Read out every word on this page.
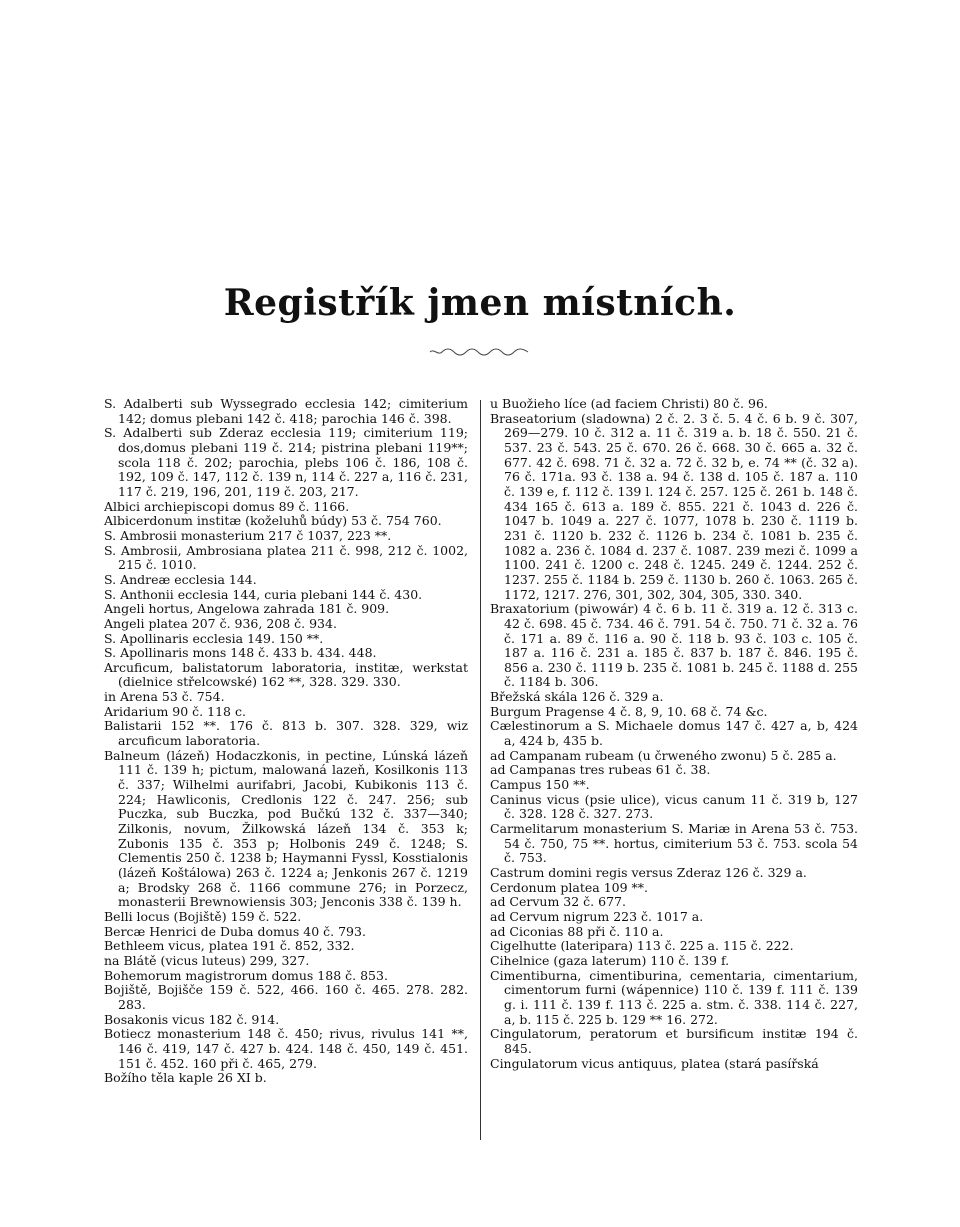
Registřík jmen místních.
S. Adalberti sub Wyssegrado ecclesia 142; cimiterium 142; domus plebani 142 č. 418; parochia 146 č. 398.
S. Adalberti sub Zderaz ecclesia 119; cimiterium 119; dos,domus plebani 119 č. 214; pistrina plebani 119**; scola 118 č. 202; parochia, plebs 106 č. 186, 108 č. 192, 109 č. 147, 112 č. 139 n, 114 č. 227 a, 116 č. 231, 117 č. 219, 196, 201, 119 č. 203, 217.
Albici archiepiscopi domus 89 č. 1166.
Albicerdonum institæ (koželuhů búdy) 53 č. 754 760.
S. Ambrosii monasterium 217 č 1037, 223 **.
S. Ambrosii, Ambrosiana platea 211 č. 998, 212 č. 1002, 215 č. 1010.
S. Andreæ ecclesia 144.
S. Anthonii ecclesia 144, curia plebani 144 č. 430.
Angeli hortus, Angelowa zahrada 181 č. 909.
Angeli platea 207 č. 936, 208 č. 934.
S. Apollinaris ecclesia 149. 150 **.
S. Apollinaris mons 148 č. 433 b. 434. 448.
Arcuficum, balistatorum laboratoria, institæ, werkstat (dielnice střelcowské) 162 **, 328. 329. 330.
in Arena 53 č. 754.
Aridarium 90 č. 118 c.
Balistarii 152 **. 176 č. 813 b. 307. 328. 329, wiz arcuficum laboratoria.
Balneum (lázeň) Hodaczkonis, in pectine, Lúnská lázeň 111 č. 139 h; pictum, malowaná lazeň, Kosilkonis 113 č. 337; Wilhelmi aurifabri, Jacobi, Kubikonis 113 č. 224; Hawliconis, Credlonis 122 č. 247. 256; sub Puczka, sub Buczka, pod Bučkú 132 č. 337—340; Zilkonis, novum, Žilkowská lázeň 134 č. 353 k; Zubonis 135 č. 353 p; Holbonis 249 č. 1248; S. Clementis 250 č. 1238 b; Haymanni Fyssl, Kosstialonis (lázeň Koštálowa) 263 č. 1224 a; Jenkonis 267 č. 1219 a; Brodsky 268 č. 1166 commune 276; in Porzecz, monasterii Brewnowiensis 303; Jenconis 338 č. 139 h.
Belli locus (Bojiště) 159 č. 522.
Bercæ Henrici de Duba domus 40 č. 793.
Bethleem vicus, platea 191 č. 852, 332.
na Blátě (vicus luteus) 299, 327.
Bohemorum magistrorum domus 188 č. 853.
Bojiště, Bojišče 159 č. 522, 466. 160 č. 465. 278. 282. 283.
Bosakonis vicus 182 č. 914.
Botiecz monasterium 148 č. 450; rivus, rivulus 141 **, 146 č. 419, 147 č. 427 b. 424. 148 č. 450, 149 č. 451. 151 č. 452. 160 při č. 465, 279.
Božího těla kaple 26 XI b.
u Buožieho líce (ad faciem Christi) 80 č. 96.
Braseatorium (sladowna) 2 č. 2. 3 č. 5. 4 č. 6 b. 9 č. 307, 269—279. 10 č. 312 a. 11 č. 319 a. b. 18 č. 550. 21 č. 537. 23 č. 543. 25 č. 670. 26 č. 668. 30 č. 665 a. 32 č. 677. 42 č. 698. 71 č. 32 a. 72 č. 32 b, e. 74 ** (č. 32 a). 76 č. 171a. 93 č. 138 a. 94 č. 138 d. 105 č. 187 a. 110 č. 139 e, f. 112 č. 139 l. 124 č. 257. 125 č. 261 b. 148 č. 434 165 č. 613 a. 189 č. 855. 221 č. 1043 d. 226 č. 1047 b. 1049 a. 227 č. 1077, 1078 b. 230 č. 1119 b. 231 č. 1120 b. 232 č. 1126 b. 234 č. 1081 b. 235 č. 1082 a. 236 č. 1084 d. 237 č. 1087. 239 mezi č. 1099 a 1100. 241 č. 1200 c. 248 č. 1245. 249 č. 1244. 252 č. 1237. 255 č. 1184 b. 259 č. 1130 b. 260 č. 1063. 265 č. 1172, 1217. 276, 301, 302, 304, 305, 330. 340.
Braxatorium (piwowár) 4 č. 6 b. 11 č. 319 a. 12 č. 313 c. 42 č. 698. 45 č. 734. 46 č. 791. 54 č. 750. 71 č. 32 a. 76 č. 171 a. 89 č. 116 a. 90 č. 118 b. 93 č. 103 c. 105 č. 187 a. 116 č. 231 a. 185 č. 837 b. 187 č. 846. 195 č. 856 a. 230 č. 1119 b. 235 č. 1081 b. 245 č. 1188 d. 255 č. 1184 b. 306.
Břežská skála 126 č. 329 a.
Burgum Pragense 4 č. 8, 9, 10. 68 č. 74 &c.
Cælestinorum a S. Michaele domus 147 č. 427 a, b, 424 a, 424 b, 435 b.
ad Campanam rubeam (u črweného zwonu) 5 č. 285 a.
ad Campanas tres rubeas 61 č. 38.
Campus 150 **.
Caninus vicus (psie ulice), vicus canum 11 č. 319 b, 127 č. 328. 128 č. 327. 273.
Carmelitarum monasterium S. Mariæ in Arena 53 č. 753. 54 č. 750, 75 **. hortus, cimiterium 53 č. 753. scola 54 č. 753.
Castrum domini regis versus Zderaz 126 č. 329 a.
Cerdonum platea 109 **.
ad Cervum 32 č. 677.
ad Cervum nigrum 223 č. 1017 a.
ad Ciconias 88 při č. 110 a.
Cigelhutte (lateripara) 113 č. 225 a. 115 č. 222.
Cihelnice (gaza laterum) 110 č. 139 f.
Cimentiburna, cimentiburina, cementaria, cimentarium, cimentorum furni (wápennice) 110 č. 139 f. 111 č. 139 g. i. 111 č. 139 f. 113 č. 225 a. stm. č. 338. 114 č. 227, a, b. 115 č. 225 b. 129 ** 16. 272.
Cingulatorum, peratorum et bursificum institæ 194 č. 845.
Cingulatorum vicus antiquus, platea (stará pasířská
